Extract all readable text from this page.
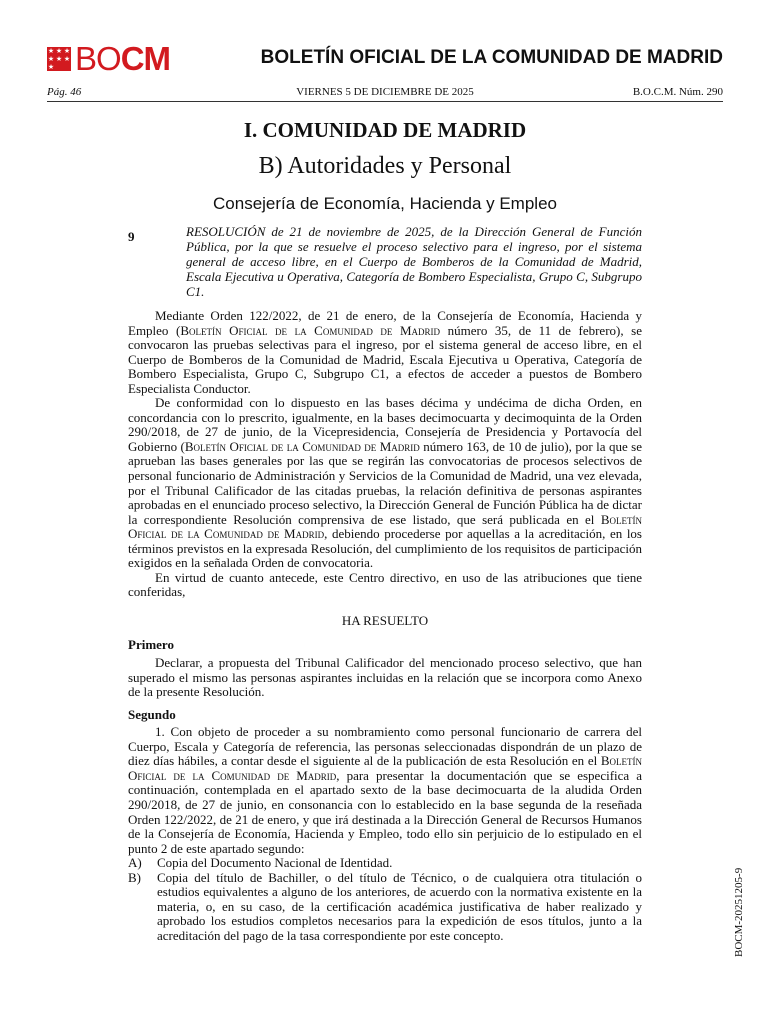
★ ★ ★
★ ★ ★
★ BOCM	BOLETÍN OFICIAL DE LA COMUNIDAD DE MADRID
Pág. 46	VIERNES 5 DE DICIEMBRE DE 2025	B.O.C.M. Núm. 290
I. COMUNIDAD DE MADRID
B) Autoridades y Personal
Consejería de Economía, Hacienda y Empleo
9	RESOLUCIÓN de 21 de noviembre de 2025, de la Dirección General de Función Pública, por la que se resuelve el proceso selectivo para el ingreso, por el sistema general de acceso libre, en el Cuerpo de Bomberos de la Comunidad de Madrid, Escala Ejecutiva u Operativa, Categoría de Bombero Especialista, Grupo C, Subgrupo C1.

Mediante Orden 122/2022, de 21 de enero, de la Consejería de Economía, Hacienda y Empleo (Boletín Oficial de la Comunidad de Madrid número 35, de 11 de febrero), se convocaron las pruebas selectivas para el ingreso, por el sistema general de acceso libre, en el Cuerpo de Bomberos de la Comunidad de Madrid, Escala Ejecutiva u Operativa, Categoría de Bombero Especialista, Grupo C, Subgrupo C1, a efectos de acceder a puestos de Bombero Especialista Conductor.

De conformidad con lo dispuesto en las bases décima y undécima de dicha Orden, en concordancia con lo prescrito, igualmente, en la bases decimocuarta y decimoquinta de la Orden 290/2018, de 27 de junio, de la Vicepresidencia, Consejería de Presidencia y Portavocía del Gobierno (Boletín Oficial de la Comunidad de Madrid número 163, de 10 de julio), por la que se aprueban las bases generales por las que se regirán las convocatorias de procesos selectivos de personal funcionario de Administración y Servicios de la Comunidad de Madrid, una vez elevada, por el Tribunal Calificador de las citadas pruebas, la relación definitiva de personas aspirantes aprobadas en el enunciado proceso selectivo, la Dirección General de Función Pública ha de dictar la correspondiente Resolución comprensiva de ese listado, que será publicada en el Boletín Oficial de la Comunidad de Madrid, debiendo procederse por aquellas a la acreditación, en los términos previstos en la expresada Resolución, del cumplimiento de los requisitos de participación exigidos en la señalada Orden de convocatoria.

En virtud de cuanto antecede, este Centro directivo, en uso de las atribuciones que tiene conferidas,

HA RESUELTO

Primero

Declarar, a propuesta del Tribunal Calificador del mencionado proceso selectivo, que han superado el mismo las personas aspirantes incluidas en la relación que se incorpora como Anexo de la presente Resolución.

Segundo

1. Con objeto de proceder a su nombramiento como personal funcionario de carrera del Cuerpo, Escala y Categoría de referencia, las personas seleccionadas dispondrán de un plazo de diez días hábiles, a contar desde el siguiente al de la publicación de esta Resolución en el Boletín Oficial de la Comunidad de Madrid, para presentar la documentación que se especifica a continuación, contemplada en el apartado sexto de la base decimocuarta de la aludida Orden 290/2018, de 27 de junio, en consonancia con lo establecido en la base segunda de la reseñada Orden 122/2022, de 21 de enero, y que irá destinada a la Dirección General de Recursos Humanos de la Consejería de Economía, Hacienda y Empleo, todo ello sin perjuicio de lo estipulado en el punto 2 de este apartado segundo:

A)	Copia del Documento Nacional de Identidad.
B)	Copia del título de Bachiller, o del título de Técnico, o de cualquiera otra titulación o estudios equivalentes a alguno de los anteriores, de acuerdo con la normativa existente en la materia, o, en su caso, de la certificación académica justificativa de haber realizado y aprobado los estudios completos necesarios para la expedición de esos títulos, junto a la acreditación del pago de la tasa correspondiente por este concepto.	BOCM-20251205-9
